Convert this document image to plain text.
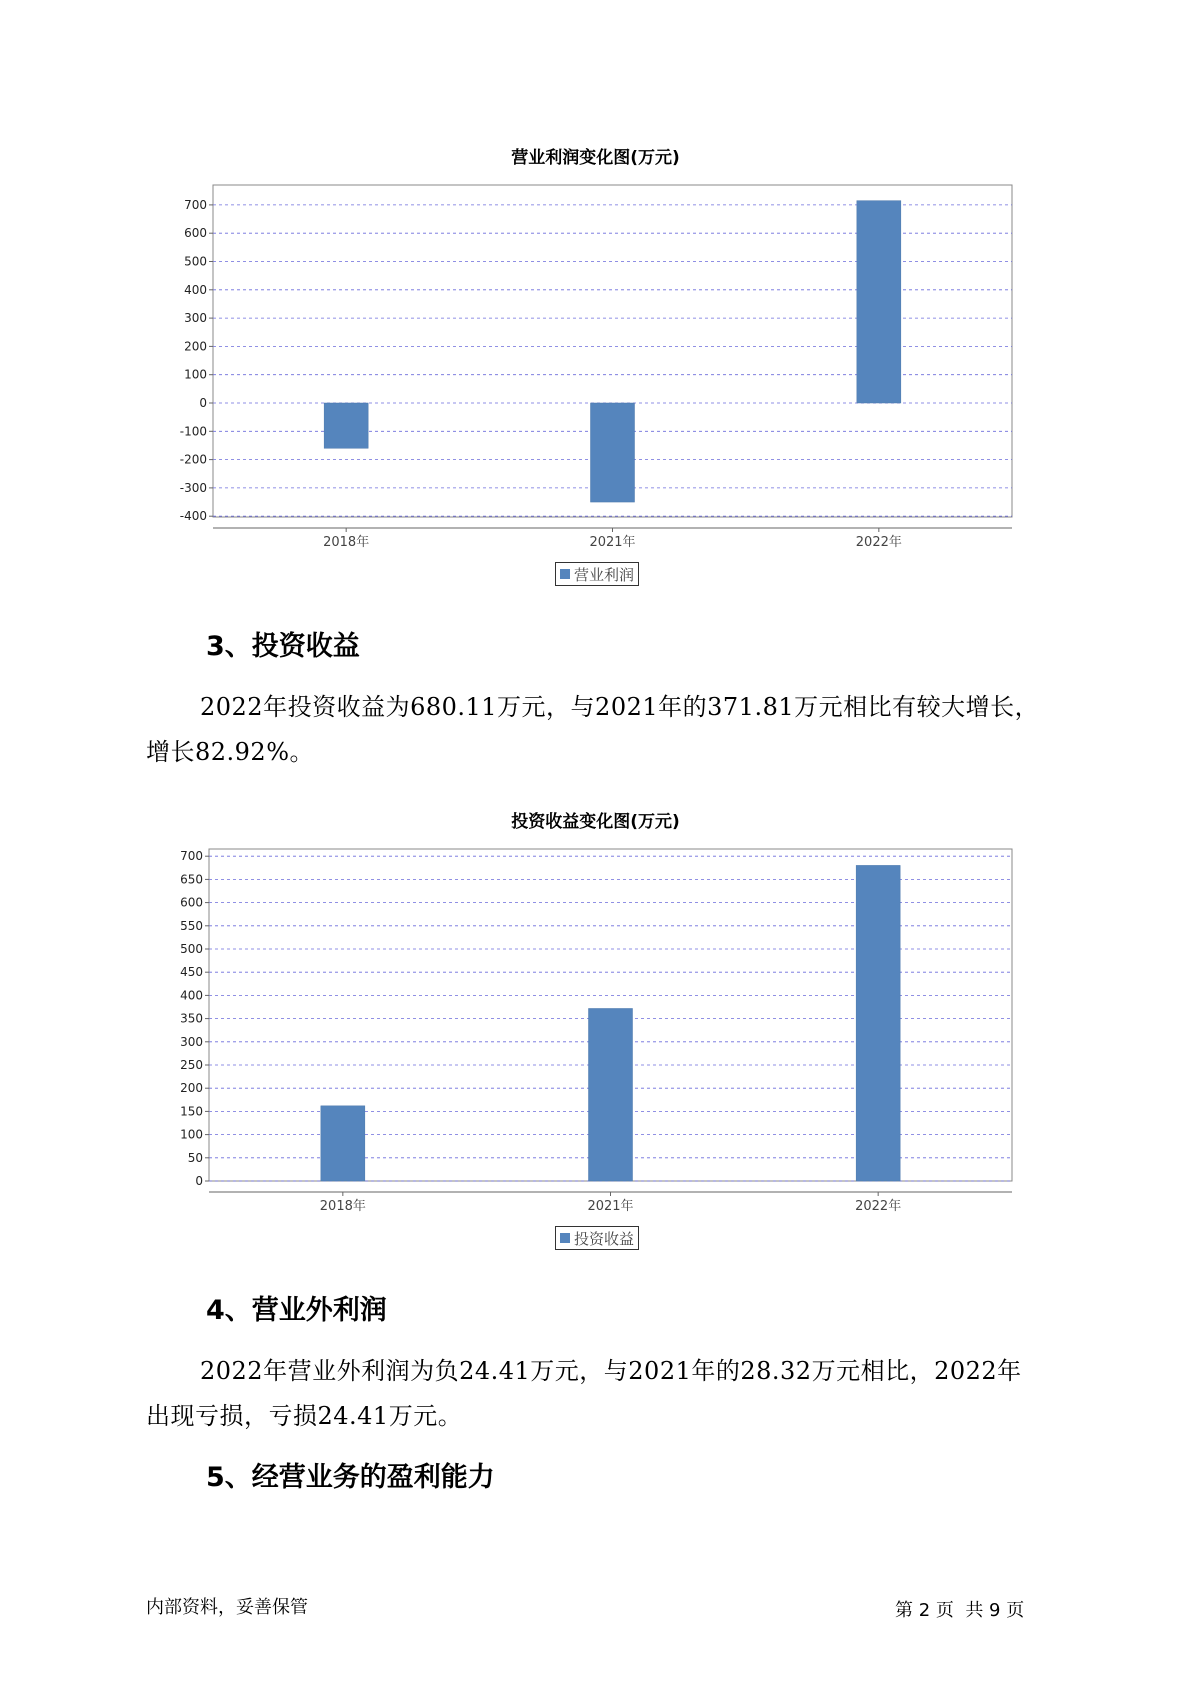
营业利润变化图(万元)
700
600
500
400
300
200
100
0
-100
-200
-300
-400
2018年	2021年	2022年
营业利润
3、投资收益
2022年投资收益为680.11万元，与2021年的371.81万元相比有较大增长，增长82.92%。
投资收益变化图(万元)
700
650
600
550
500
450
400
350
300
250
200
150
100
50
0
2018年	2021年	2022年
投资收益
4、营业外利润
2022年营业外利润为负24.41万元，与2021年的28.32万元相比，2022年出现亏损，亏损24.41万元。
5、经营业务的盈利能力
内部资料，妥善保管	第 2 页  共 9 页
